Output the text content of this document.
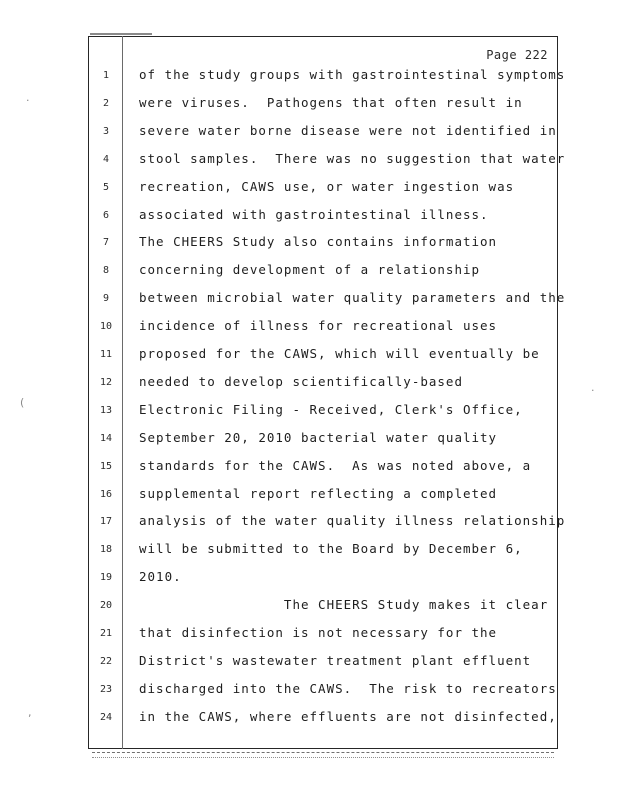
Page 222
1	of the study groups with gastrointestinal symptoms
2	were viruses.  Pathogens that often result in
3	severe water borne disease were not identified in
4	stool samples.  There was no suggestion that water
5	recreation, CAWS use, or water ingestion was
6	associated with gastrointestinal illness.
7	The CHEERS Study also contains information
8	concerning development of a relationship
9	between microbial water quality parameters and the
10	incidence of illness for recreational uses
11	proposed for the CAWS, which will eventually be
12	needed to develop scientifically-based
13	Electronic Filing - Received, Clerk's Office,
14	September 20, 2010 bacterial water quality
15	standards for the CAWS.  As was noted above, a
16	supplemental report reflecting a completed
17	analysis of the water quality illness relationship
18	will be submitted to the Board by December 6,
19	2010.
20	The CHEERS Study makes it clear
21	that disinfection is not necessary for the
22	District's wastewater treatment plant effluent
23	discharged into the CAWS.  The risk to recreators
24	in the CAWS, where effluents are not disinfected,
·
(
,
·
